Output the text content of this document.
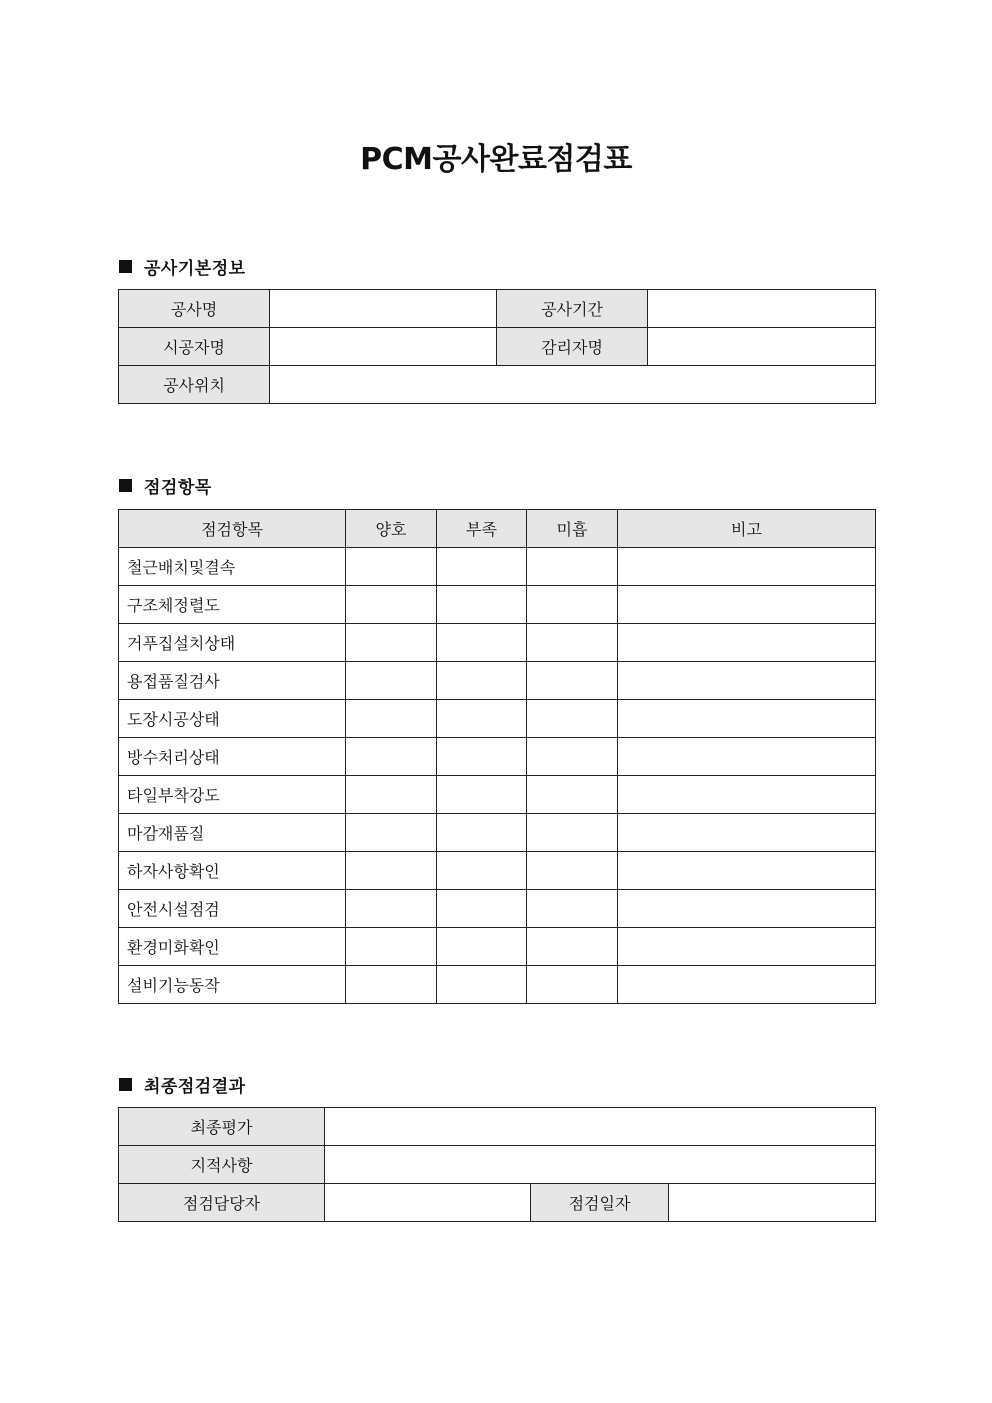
PCM공사완료점검표
공사기본정보
공사명		공사기간	
시공자명		감리자명	
공사위치			
점검항목
점검항목	양호	부족	미흡	비고
철근배치및결속				
구조체정렬도				
거푸집설치상태				
용접품질검사				
도장시공상태				
방수처리상태				
타일부착강도				
마감재품질				
하자사항확인				
안전시설점검				
환경미화확인				
설비기능동작				
최종점검결과
최종평가			
지적사항			
점검담당자		점검일자	
